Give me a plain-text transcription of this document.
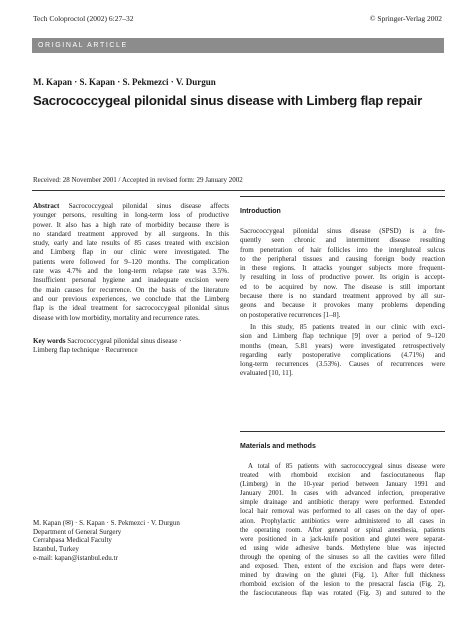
Tech Coloproctol (2002) 6:27–32	© Springer-Verlag 2002
ORIGINAL ARTICLE
M. Kapan · S. Kapan · S. Pekmezci · V. Durgun
Sacrococcygeal pilonidal sinus disease with Limberg flap repair
Received: 28 November 2001 / Accepted in revised form: 29 January 2002
Abstract Sacrococcygeal pilonidal sinus disease affects
younger persons, resulting in long-term loss of productive
power. It also has a high rate of morbidity because there is
no standard treatment approved by all surgeons. In this
study, early and late results of 85 cases treated with excision
and Limberg flap in our clinic were investigated. The
patients were followed for 9–120 months. The complication
rate was 4.7% and the long-term relapse rate was 3.5%.
Insufficient personal hygiene and inadequate excision were
the main causes for recurrence. On the basis of the literature
and our previous experiences, we conclude that the Limberg
flap is the ideal treatment for sacrococcygeal pilonidal sinus
disease with low morbidity, mortality and recurrence rates.
Key words Sacrococcygeal pilonidal sinus disease ·
Limberg flap technique · Recurrence
M. Kapan (✉) · S. Kapan · S. Pekmezci · V. Durgun
Department of General Surgery
Cerrahpasa Medical Faculty
Istanbul, Turkey
e-mail: kapan@istanbul.edu.tr
Introduction
Sacrococcygeal pilonidal sinus disease (SPSD) is a fre-
quently seen chronic and intermittent disease resulting
from penetration of hair follicles into the interglutеal sulcus
to the peripheral tissues and causing foreign body reaction
in these regions. It attacks younger subjects more frequent-
ly resulting in loss of productive power. Its origin is accept-
ed to be acquired by now. The disease is still important
because there is no standard treatment approved by all sur-
geons and because it provokes many problems depending
on postoperative recurrences [1–8].
In this study, 85 patients treated in our clinic with exci-
sion and Limberg flap technique [9] over a period of 9–120
months (mean, 5.81 years) were investigated retrospectively
regarding early postoperative complications (4.71%) and
long-term recurrences (3.53%). Causes of recurrences were
evaluated [10, 11].
Materials and methods
A total of 85 patients with sacrococcygeal sinus disease were
treated with rhomboid excision and fasciocutaneous flap
(Limberg) in the 10-year period between January 1991 and
January 2001. In cases with advanced infection, preoperative
simple drainage and antibiotic therapy were performed. Extended
local hair removal was performed to all cases on the day of oper-
ation. Prophylactic antibiotics were administered to all cases in
the operating room. After general or spinal anesthesia, patients
were positioned in a jack-knife position and glutei were separat-
ed using wide adhesive bands. Methylene blue was injected
through the opening of the sinuses so all the cavities were filled
and exposed. Then, extent of the excision and flaps were deter-
mined by drawing on the glutei (Fig. 1). After full thickness
rhomboid excision of the lesion to the presacral fascia (Fig. 2),
the fasciocutaneous flap was rotated (Fig. 3) and sutured to the
